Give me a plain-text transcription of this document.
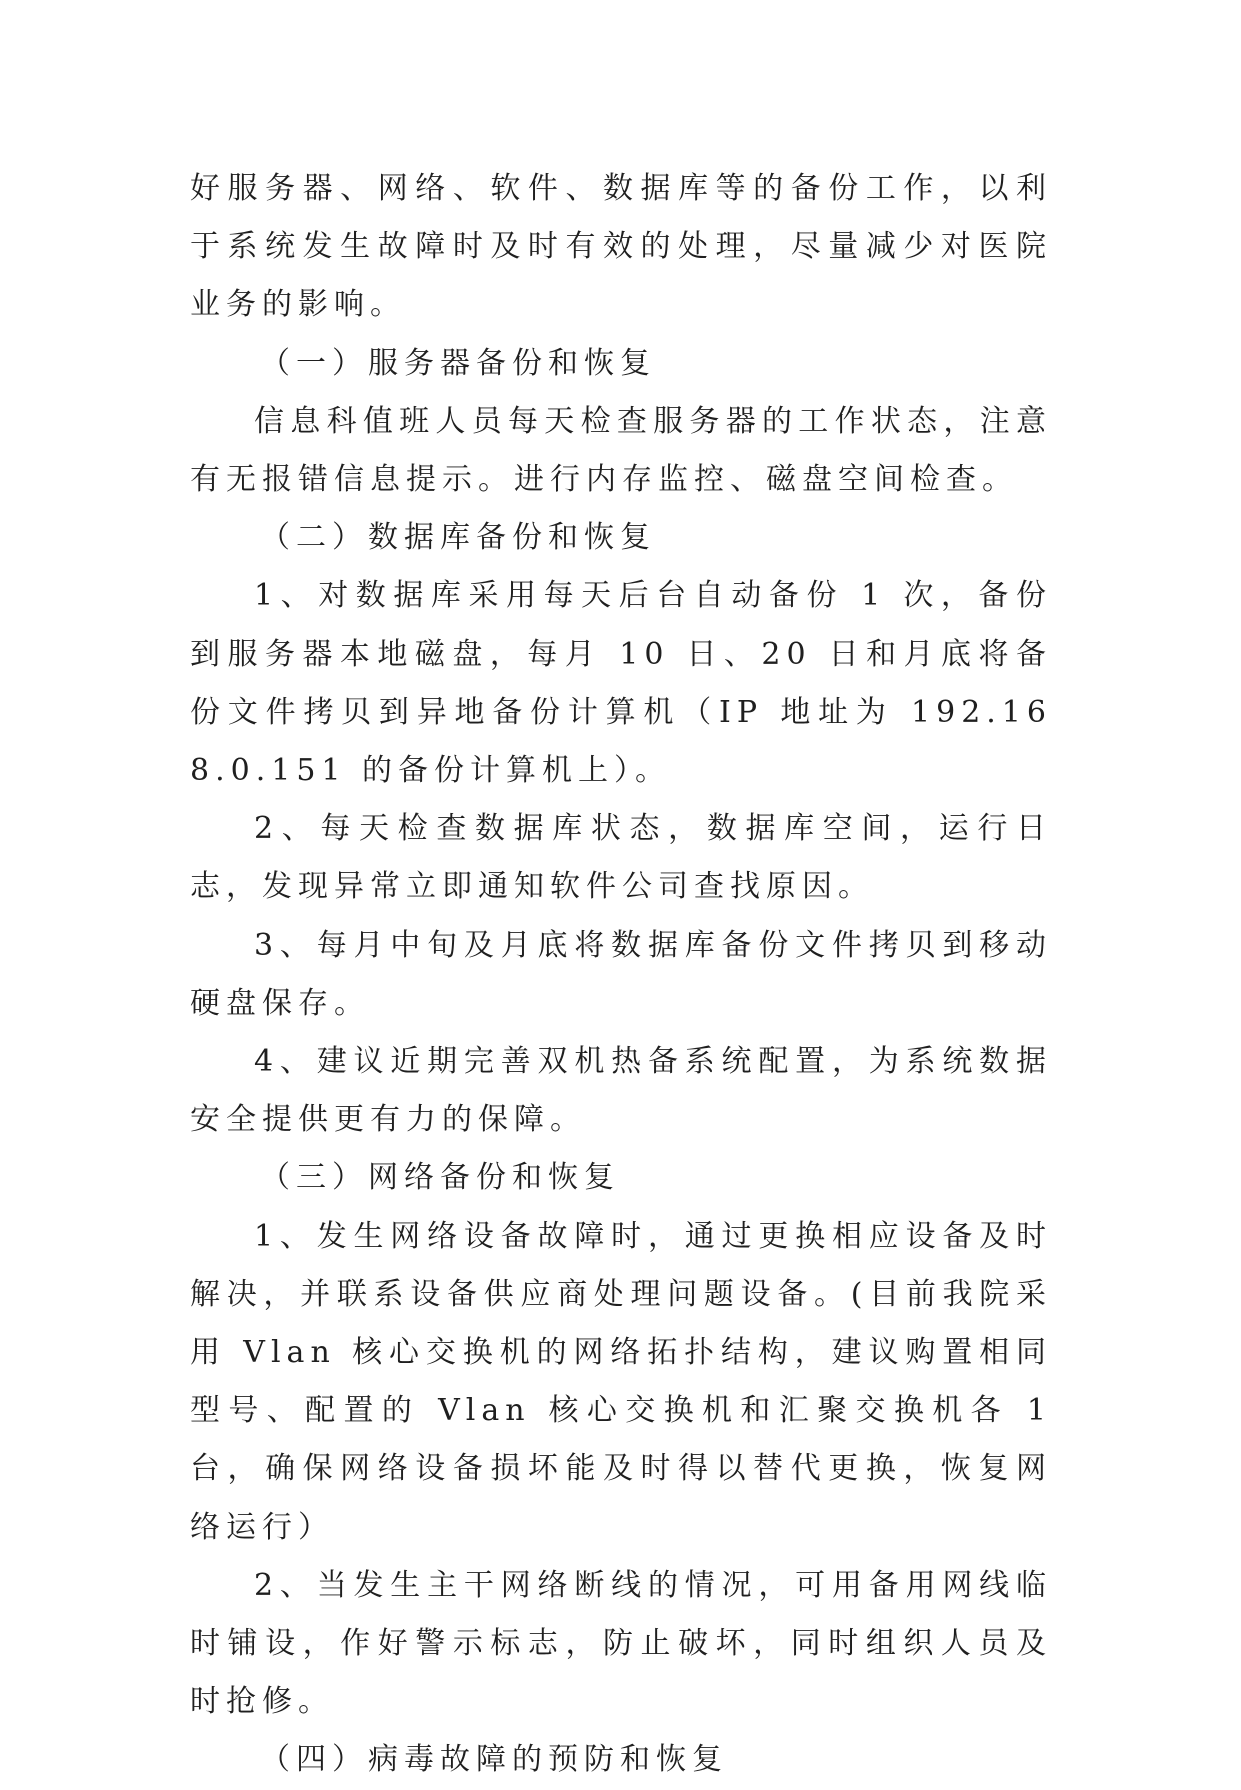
好服务器、网络、软件、数据库等的备份工作，以利于系统发生故障时及时有效的处理，尽量减少对医院业务的影响。

（一）服务器备份和恢复

信息科值班人员每天检查服务器的工作状态，注意有无报错信息提示。进行内存监控、磁盘空间检查。

（二）数据库备份和恢复

1、对数据库采用每天后台自动备份 1 次，备份到服务器本地磁盘，每月 10 日、20 日和月底将备份文件拷贝到异地备份计算机（IP 地址为 192.168.0.151 的备份计算机上）。

2、每天检查数据库状态，数据库空间，运行日志，发现异常立即通知软件公司查找原因。

3、每月中旬及月底将数据库备份文件拷贝到移动硬盘保存。

4、建议近期完善双机热备系统配置，为系统数据安全提供更有力的保障。

（三）网络备份和恢复

1、发生网络设备故障时，通过更换相应设备及时解决，并联系设备供应商处理问题设备。(目前我院采用 Vlan 核心交换机的网络拓扑结构，建议购置相同型号、配置的 Vlan 核心交换机和汇聚交换机各 1 台，确保网络设备损坏能及时得以替代更换，恢复网络运行）

2、当发生主干网络断线的情况，可用备用网线临时铺设，作好警示标志，防止破坏，同时组织人员及时抢修。

（四）病毒故障的预防和恢复
